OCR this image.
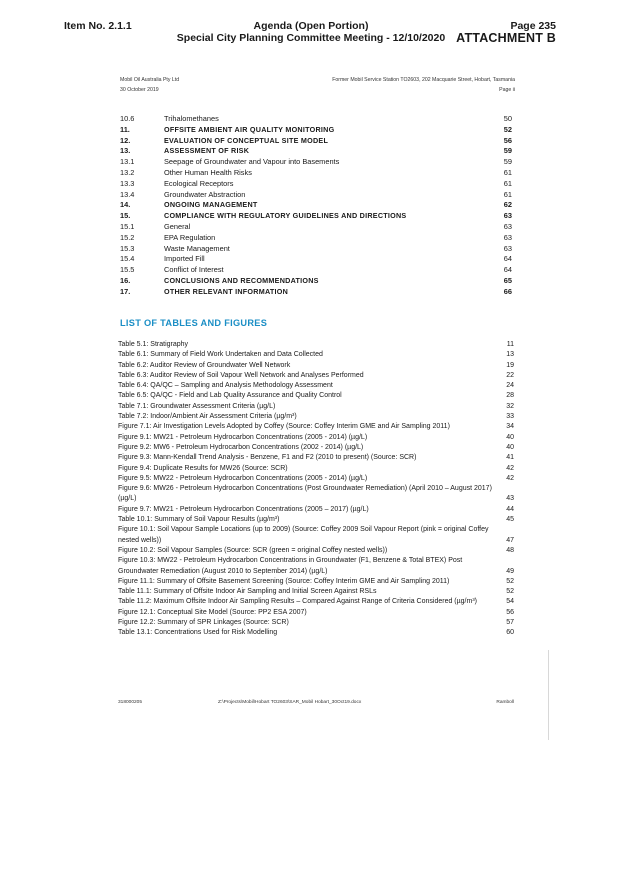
Item No. 2.1.1	Agenda (Open Portion)
Special City Planning Committee Meeting - 12/10/2020
Page 235
ATTACHMENT B
Mobil Oil Australia Pty Ltd
30 October 2019
Former Mobil Service Station TO2603, 202 Macquarie Street, Hobart, Tasmania
Page ii
10.6	Trihalomethanes	50
11.	OFFSITE AMBIENT AIR QUALITY MONITORING	52
12.	EVALUATION OF CONCEPTUAL SITE MODEL	56
13.	ASSESSMENT OF RISK	59
13.1	Seepage of Groundwater and Vapour into Basements	59
13.2	Other Human Health Risks	61
13.3	Ecological Receptors	61
13.4	Groundwater Abstraction	61
14.	ONGOING MANAGEMENT	62
15.	COMPLIANCE WITH REGULATORY GUIDELINES AND DIRECTIONS	63
15.1	General	63
15.2	EPA Regulation	63
15.3	Waste Management	63
15.4	Imported Fill	64
15.5	Conflict of Interest	64
16.	CONCLUSIONS AND RECOMMENDATIONS	65
17.	OTHER RELEVANT INFORMATION	66
LIST OF TABLES AND FIGURES
Table 5.1: Stratigraphy	11
Table 6.1: Summary of Field Work Undertaken and Data Collected	13
Table 6.2: Auditor Review of Groundwater Well Network	19
Table 6.3: Auditor Review of Soil Vapour Well Network and Analyses Performed	22
Table 6.4: QA/QC – Sampling and Analysis Methodology Assessment	24
Table 6.5: QA/QC - Field and Lab Quality Assurance and Quality Control	28
Table 7.1: Groundwater Assessment Criteria (µg/L)	32
Table 7.2: Indoor/Ambient Air Assessment Criteria (µg/m³)	33
Figure 7.1: Air Investigation Levels Adopted by Coffey (Source: Coffey Interim GME and Air Sampling 2011)	34
Figure 9.1: MW21 - Petroleum Hydrocarbon Concentrations (2005 - 2014) (µg/L)	40
Figure 9.2: MW6 - Petroleum Hydrocarbon Concentrations (2002 - 2014) (µg/L)	40
Figure 9.3: Mann-Kendall Trend Analysis - Benzene, F1 and F2 (2010 to present) (Source: SCR)	41
Figure 9.4: Duplicate Results for MW26 (Source: SCR)	42
Figure 9.5: MW22 - Petroleum Hydrocarbon Concentrations (2005 - 2014) (µg/L)	42
Figure 9.6: MW26 - Petroleum Hydrocarbon Concentrations (Post Groundwater Remediation) (April 2010 – August 2017) (µg/L)	43
Figure 9.7: MW21 - Petroleum Hydrocarbon Concentrations (2005 – 2017) (µg/L)	44
Table 10.1: Summary of Soil Vapour Results (µg/m³)	45
Figure 10.1: Soil Vapour Sample Locations (up to 2009) (Source: Coffey 2009 Soil Vapour Report (pink = original Coffey nested wells))	47
Figure 10.2: Soil Vapour Samples (Source: SCR (green = original Coffey nested wells))	48
Figure 10.3: MW22 - Petroleum Hydrocarbon Concentrations in Groundwater (F1, Benzene & Total BTEX) Post Groundwater Remediation (August 2010 to September 2014) (µg/L)	49
Figure 11.1: Summary of Offsite Basement Screening (Source: Coffey Interim GME and Air Sampling 2011)	52
Table 11.1: Summary of Offsite Indoor Air Sampling and Initial Screen Against RSLs	52
Table 11.2: Maximum Offsite Indoor Air Sampling Results – Compared Against Range of Criteria Considered (µg/m³)	54
Figure 12.1: Conceptual Site Model (Source: PP2 ESA 2007)	56
Figure 12.2: Summary of SPR Linkages (Source: SCR)	57
Table 13.1: Concentrations Used for Risk Modelling	60
318000205	Z:\Projects\Mobil\Hobart TO2603\SAR_Mobil Hobart_30Oct19.docx	Ramboll
